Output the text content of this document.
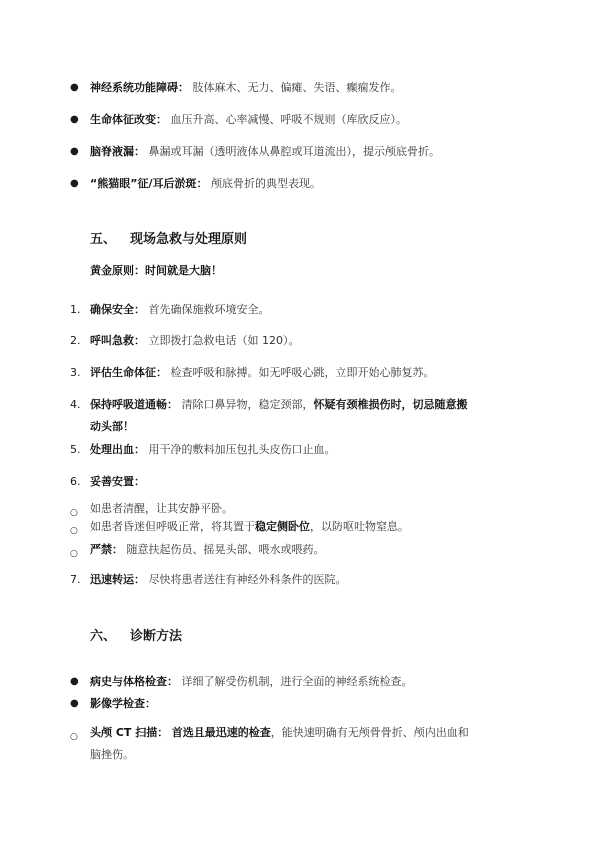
● 神经系统功能障碍： 肢体麻木、无力、偏瘫、失语、癫痫发作。
● 生命体征改变： 血压升高、心率减慢、呼吸不规则（库欣反应）。
● 脑脊液漏： 鼻漏或耳漏（透明液体从鼻腔或耳道流出），提示颅底骨折。
● “熊猫眼”征/耳后淤斑： 颅底骨折的典型表现。
五、 现场急救与处理原则
黄金原则：时间就是大脑！
1. 确保安全： 首先确保施救环境安全。
2. 呼叫急救： 立即拨打急救电话（如 120）。
3. 评估生命体征： 检查呼吸和脉搏。如无呼吸心跳，立即开始心肺复苏。
4. 保持呼吸道通畅： 清除口鼻异物，稳定颈部，怀疑有颈椎损伤时，切忌随意搬
动头部！
5. 处理出血： 用干净的敷料加压包扎头皮伤口止血。
6. 妥善安置：
○ 如患者清醒，让其安静平卧。
○ 如患者昏迷但呼吸正常，将其置于稳定侧卧位，以防呕吐物窒息。
○ 严禁： 随意扶起伤员、摇晃头部、喂水或喂药。
7. 迅速转运： 尽快将患者送往有神经外科条件的医院。
六、 诊断方法
● 病史与体格检查： 详细了解受伤机制，进行全面的神经系统检查。
● 影像学检查：
○ 头颅 CT 扫描： 首选且最迅速的检查，能快速明确有无颅骨骨折、颅内出血和
脑挫伤。
